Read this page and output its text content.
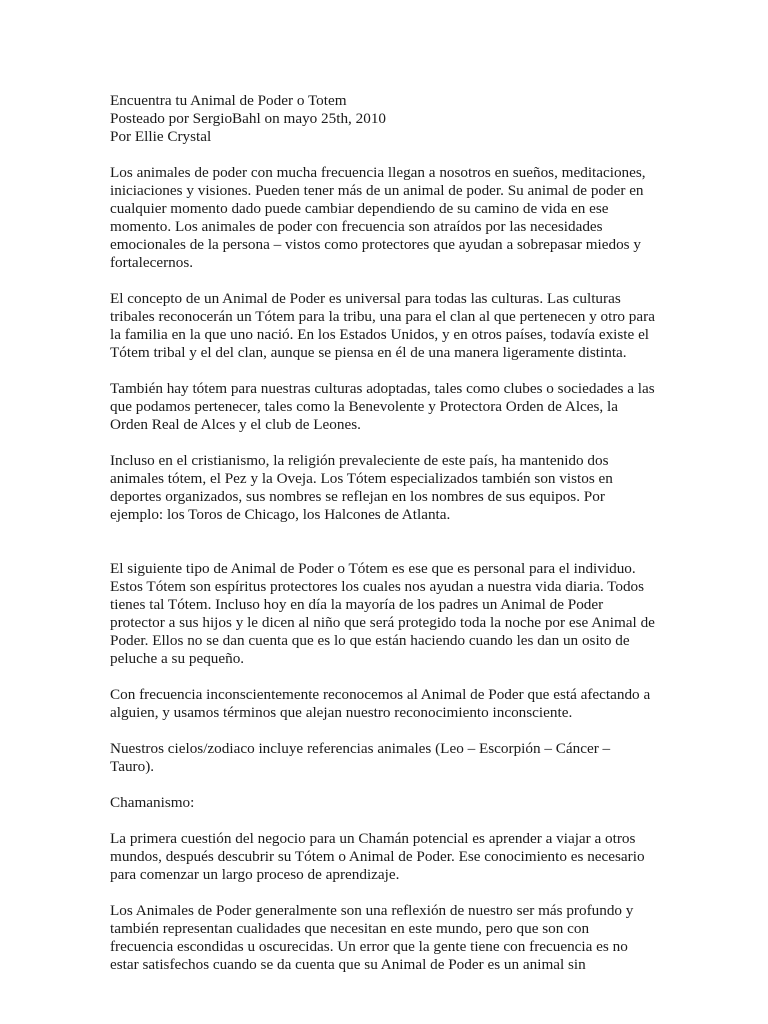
Encuentra tu Animal de Poder o Totem
Posteado por SergioBahl on mayo 25th, 2010
Por Ellie Crystal

Los animales de poder con mucha frecuencia llegan a nosotros en sueños, meditaciones, iniciaciones y visiones. Pueden tener más de un animal de poder. Su animal de poder en cualquier momento dado puede cambiar dependiendo de su camino de vida en ese momento. Los animales de poder con frecuencia son atraídos por las necesidades emocionales de la persona – vistos como protectores que ayudan a sobrepasar miedos y fortalecernos.

El concepto de un Animal de Poder es universal para todas las culturas. Las culturas tribales reconocerán un Tótem para la tribu, una para el clan al que pertenecen y otro para la familia en la que uno nació. En los Estados Unidos, y en otros países, todavía existe el Tótem tribal y el del clan, aunque se piensa en él de una manera ligeramente distinta.

También hay tótem para nuestras culturas adoptadas, tales como clubes o sociedades a las que podamos pertenecer, tales como la Benevolente y Protectora Orden de Alces, la Orden Real de Alces y el club de Leones.

Incluso en el cristianismo, la religión prevaleciente de este país, ha mantenido dos animales tótem, el Pez y la Oveja. Los Tótem especializados también son vistos en deportes organizados, sus nombres se reflejan en los nombres de sus equipos. Por ejemplo: los Toros de Chicago, los Halcones de Atlanta.

El siguiente tipo de Animal de Poder o Tótem es ese que es personal para el individuo. Estos Tótem son espíritus protectores los cuales nos ayudan a nuestra vida diaria. Todos tienes tal Tótem. Incluso hoy en día la mayoría de los padres un Animal de Poder protector a sus hijos y le dicen al niño que será protegido toda la noche por ese Animal de Poder. Ellos no se dan cuenta que es lo que están haciendo cuando les dan un osito de peluche a su pequeño.

Con frecuencia inconscientemente reconocemos al Animal de Poder que está afectando a alguien, y usamos términos que alejan nuestro reconocimiento inconsciente.

Nuestros cielos/zodiaco incluye referencias animales (Leo – Escorpión – Cáncer – Tauro).

Chamanismo:

La primera cuestión del negocio para un Chamán potencial es aprender a viajar a otros mundos, después descubrir su Tótem o Animal de Poder. Ese conocimiento es necesario para comenzar un largo proceso de aprendizaje.

Los Animales de Poder generalmente son una reflexión de nuestro ser más profundo y también representan cualidades que necesitan en este mundo, pero que son con frecuencia escondidas u oscurecidas. Un error que la gente tiene con frecuencia es no estar satisfechos cuando se da cuenta que su Animal de Poder es un animal sin
